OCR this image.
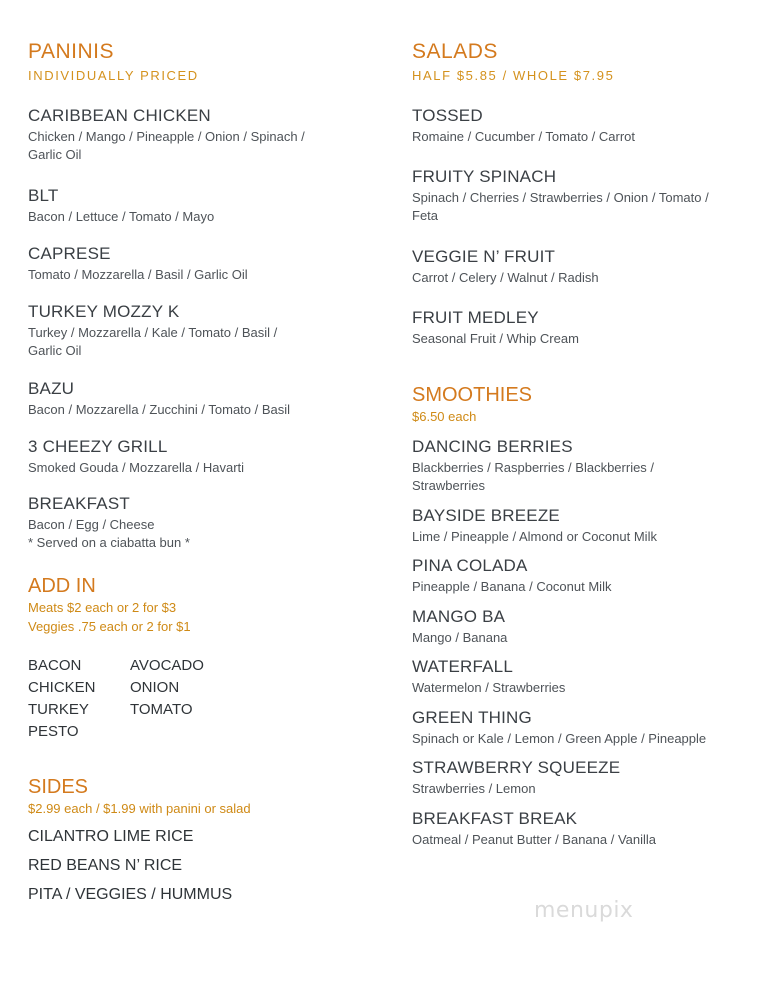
PANINIS
INDIVIDUALLY PRICED
CARIBBEAN CHICKEN
Chicken / Mango / Pineapple / Onion / Spinach / Garlic Oil
BLT
Bacon / Lettuce / Tomato / Mayo
CAPRESE
Tomato / Mozzarella / Basil / Garlic Oil
TURKEY MOZZY K
Turkey / Mozzarella / Kale / Tomato / Basil / Garlic Oil
BAZU
Bacon / Mozzarella / Zucchini / Tomato / Basil
3 CHEEZY GRILL
Smoked Gouda / Mozzarella / Havarti
BREAKFAST
Bacon / Egg / Cheese
* Served on a ciabatta bun *
ADD IN
Meats $2 each or 2 for $3
Veggies .75 each or 2 for $1
BACON	AVOCADO
CHICKEN	ONION
TURKEY	TOMATO
PESTO
SIDES
$2.99 each / $1.99 with panini or salad
CILANTRO LIME RICE
RED BEANS N’ RICE
PITA / VEGGIES / HUMMUS
SALADS
HALF $5.85 / WHOLE $7.95
TOSSED
Romaine / Cucumber / Tomato / Carrot
FRUITY SPINACH
Spinach / Cherries / Strawberries / Onion / Tomato / Feta
VEGGIE N’ FRUIT
Carrot / Celery / Walnut / Radish
FRUIT MEDLEY
Seasonal Fruit / Whip Cream
SMOOTHIES
$6.50 each
DANCING BERRIES
Blackberries / Raspberries / Blackberries / Strawberries
BAYSIDE BREEZE
Lime / Pineapple / Almond or Coconut Milk
PINA COLADA
Pineapple / Banana / Coconut Milk
MANGO BA
Mango / Banana
WATERFALL
Watermelon / Strawberries
GREEN THING
Spinach or Kale / Lemon / Green Apple / Pineapple
STRAWBERRY SQUEEZE
Strawberries / Lemon
BREAKFAST BREAK
Oatmeal / Peanut Butter / Banana / Vanilla
menupix
